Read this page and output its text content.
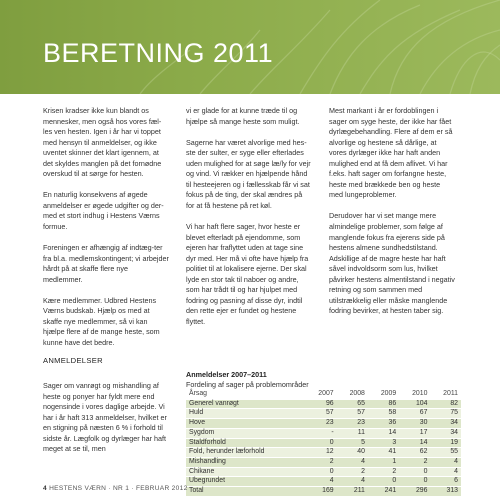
BERETNING 2011

Krisen kradser ikke kun blandt os mennesker, men også hos vores fæl-les ven hesten. Igen i år har vi toppet med hensyn til anmeldelser, og ikke uventet skinner det klart igennem, at det skyldes manglen på det fornødne overskud til at sørge for hesten.

En naturlig konsekvens af øgede anmeldelser er øgede udgifter og der-med et stort indhug i Hestens Værns formue.

Foreningen er afhængig af indtæg-ter fra bl.a. medlemskontingent; vi arbejder hårdt på at skaffe flere nye medlemmer.

Kære medlemmer. Udbred Hestens Værns budskab. Hjælp os med at skaffe nye medlemmer, så vi kan hjælpe flere af de mange heste, som kunne have det bedre.

ANMELDELSER
Sager om vanrøgt og mishandling af heste og ponyer har fyldt mere end nogensinde i vores daglige arbejde. Vi har i år haft 313 anmeldelser, hvilket er en stigning på næsten 6 % i forhold til sidste år. Lægfolk og dyrlæger har haft meget at se til, men

vi er glade for at kunne træde til og hjælpe så mange heste som muligt.

Sagerne har været alvorlige med hes-ste der sulter, er syge eller efterlades uden mulighed for at søge læ/ly for vejr og vind. Vi rækker en hjælpende hånd til hesteejeren og i fællesskab får vi sat fokus på de ting, der skal ændres på for at få hestene på ret køl.

Vi har haft flere sager, hvor heste er blevet efterladt på ejendomme, som ejeren har fraflyttet uden at tage sine dyr med. Her må vi ofte have hjælp fra politiet til at lokalisere ejerne. Der skal lyde en stor tak til naboer og andre, som har trådt til og har hjulpet med fodring og pasning af disse dyr, indtil den rette ejer er fundet og hestene flyttet.

Mest markant i år er fordoblingen i sager om syge heste, der ikke har fået dyrlægebehandling. Flere af dem er så alvorlige og hestene så dårlige, at vores dyrlæger ikke har haft anden mulighed end at få dem aflivet. Vi har f.eks. haft sager om forfangne heste, heste med brækkede ben og heste med lungeproblemer.

Derudover har vi set mange mere almindelige problemer, som følge af manglende fokus fra ejerens side på hestens almene sundhedstilstand. Adskillige af de magre heste har haft såvel indvoldsorm som lus, hvilket påvirker hestens almentilstand i negativ retning og som sammen med utilstrækkelig eller måske manglende fodring bevirker, at hesten taber sig.

Anmeldelser 2007–2011
Fordeling af sager på problemområder
Årsag	2007	2008	2009	2010	2011
Generel vanrøgt	96	65	86	104	82
Huld	57	57	58	67	75
Hove	23	23	36	30	34
Sygdom	-	11	14	17	34
Staldforhold	0	5	3	14	19
Fold, herunder læforhold	12	40	41	62	55
Mishandling	2	4	1	2	4
Chikane	0	2	2	0	4
Ubegrundet	4	4	0	0	6
Total	169	211	241	296	313
4 HESTENS VÆRN · NR 1 · FEBRUAR 2012
